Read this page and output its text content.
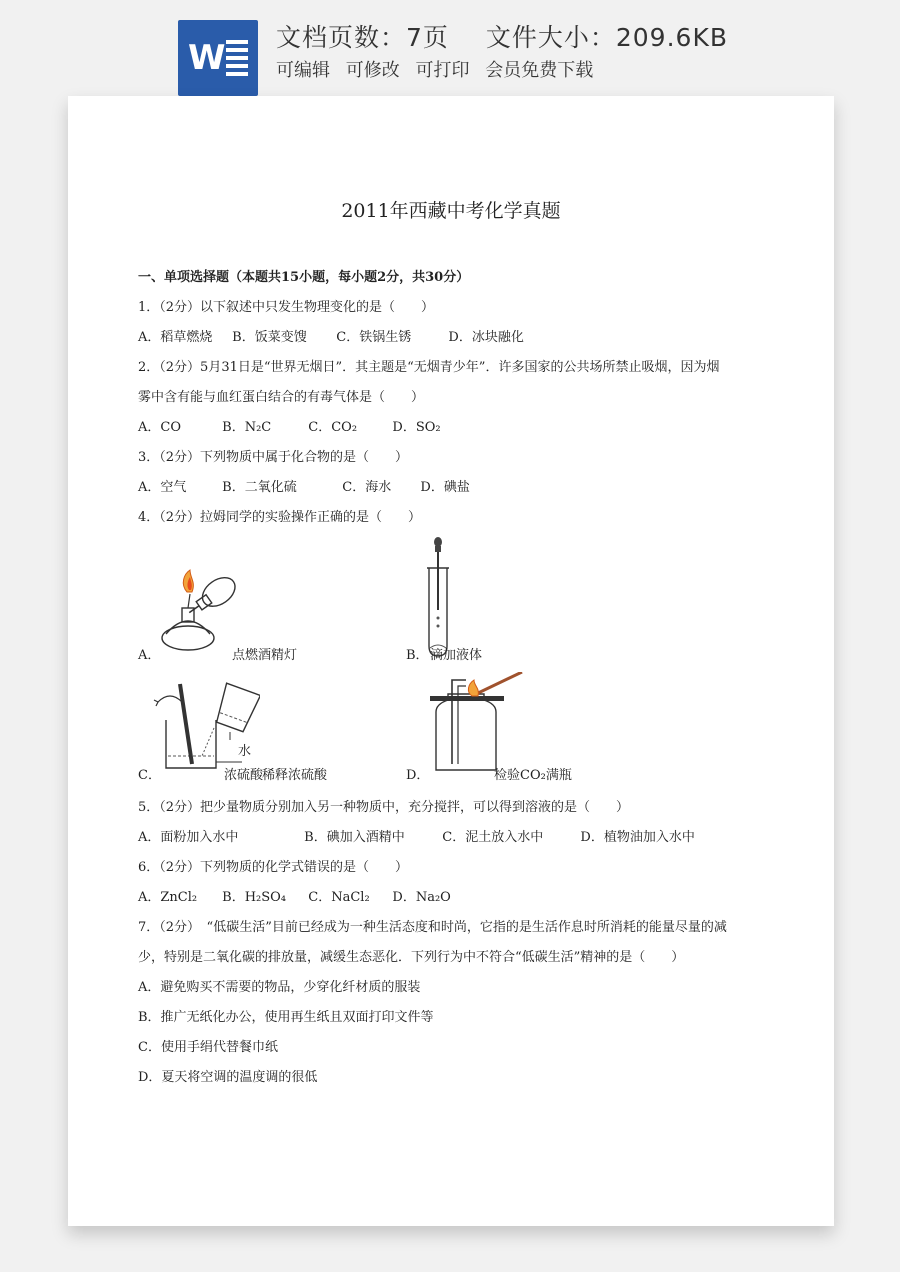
W
文档页数：7页 文件大小：209.6KB
可编辑 可修改 可打印 会员免费下载
2011年西藏中考化学真题
一、单项选择题（本题共15小题，每小题2分，共30分）
1．（2分）以下叙述中只发生物理变化的是（　　）
A．稻草燃烧 B．饭菜变馊 C．铁锅生锈	D．冰块融化
2．（2分）5月31日是“世界无烟日”．其主题是“无烟青少年”．许多国家的公共场所禁止吸烟，因为烟
雾中含有能与血红蛋白结合的有毒气体是（　　）
A．CO	B．N₂C	C．CO₂	D．SO₂
3．（2分）下列物质中属于化合物的是（　　）
A．空气	B．二氧化硫	C．海水 D．碘盐
4．（2分）拉姆同学的实验操作正确的是（　　）
A．	点燃酒精灯	B． 滴加液体
水
C．	浓硫酸
稀释浓硫酸	D．	检验CO₂满瓶
5．（2分）把少量物质分别加入另一种物质中，充分搅拌，可以得到溶液的是（　　）
A．面粉加入水中	B．碘加入酒精中	C．泥土放入水中	D．植物油加入水中
6．（2分）下列物质的化学式错误的是（　　）
A．ZnCl₂ B．H₂SO₄ C．NaCl₂ D．Na₂O
7．（2分）　“低碳生活”目前已经成为一种生活态度和时尚，它指的是生活作息时所消耗的能量尽量的减
少，特别是二氧化碳的排放量，减缓生态恶化．下列行为中不符合“低碳生活”精神的是（　　）
A．避免购买不需要的物品，少穿化纤材质的服装
B．推广无纸化办公，使用再生纸且双面打印文件等
C．使用手绢代替餐巾纸
D．夏天将空调的温度调的很低
